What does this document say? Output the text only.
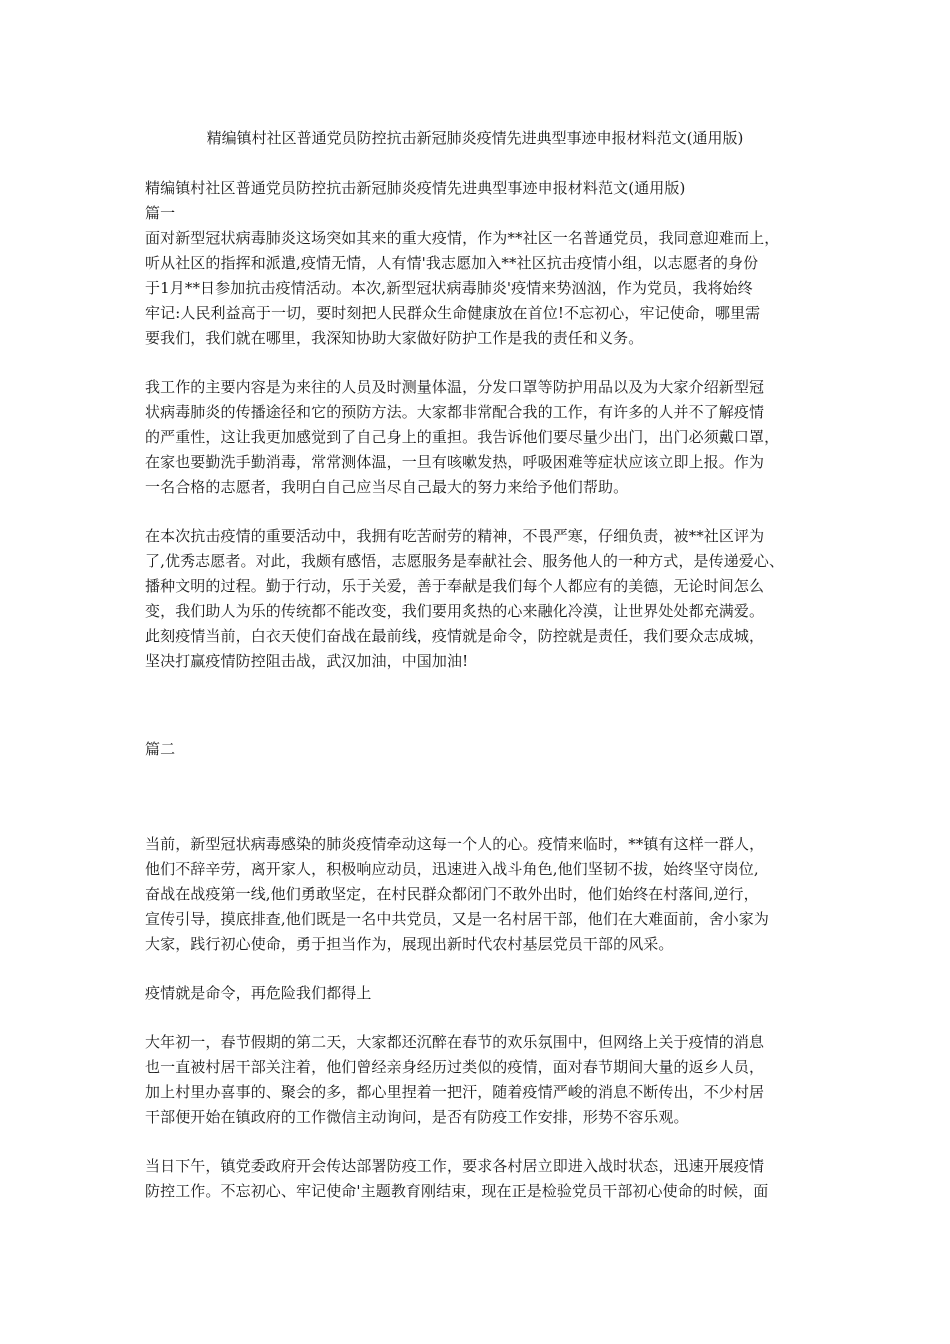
精编镇村社区普通党员防控抗击新冠肺炎疫情先进典型事迹申报材料范文(通用版)
精编镇村社区普通党员防控抗击新冠肺炎疫情先进典型事迹申报材料范文(通用版)
篇一
面对新型冠状病毒肺炎这场突如其来的重大疫情，作为**社区一名普通党员，我同意迎难而上，
听从社区的指挥和派遣,疫情无情，人有情'我志愿加入**社区抗击疫情小组，以志愿者的身份
于1月**日参加抗击疫情活动。本次,新型冠状病毒肺炎'疫情来势汹汹，作为党员，我将始终
牢记:人民利益高于一切，要时刻把人民群众生命健康放在首位!不忘初心，牢记使命，哪里需
要我们，我们就在哪里，我深知协助大家做好防护工作是我的责任和义务。
我工作的主要内容是为来往的人员及时测量体温，分发口罩等防护用品以及为大家介绍新型冠
状病毒肺炎的传播途径和它的预防方法。大家都非常配合我的工作，有许多的人并不了解疫情
的严重性，这让我更加感觉到了自己身上的重担。我告诉他们要尽量少出门，出门必须戴口罩，
在家也要勤洗手勤消毒，常常测体温，一旦有咳嗽发热，呼吸困难等症状应该立即上报。作为
一名合格的志愿者，我明白自己应当尽自己最大的努力来给予他们帮助。
在本次抗击疫情的重要活动中，我拥有吃苦耐劳的精神，不畏严寒，仔细负责，被**社区评为
了,优秀志愿者。对此，我颇有感悟，志愿服务是奉献社会、服务他人的一种方式，是传递爱心、
播种文明的过程。勤于行动，乐于关爱，善于奉献是我们每个人都应有的美德，无论时间怎么
变，我们助人为乐的传统都不能改变，我们要用炙热的心来融化冷漠，让世界处处都充满爱。
此刻疫情当前，白衣天使们奋战在最前线，疫情就是命令，防控就是责任，我们要众志成城，
坚决打赢疫情防控阻击战，武汉加油，中国加油!
篇二
当前，新型冠状病毒感染的肺炎疫情牵动这每一个人的心。疫情来临时，**镇有这样一群人，
他们不辞辛劳，离开家人，积极响应动员，迅速进入战斗角色,他们坚韧不拔，始终坚守岗位,
奋战在战疫第一线,他们勇敢坚定，在村民群众都闭门不敢外出时，他们始终在村落间,逆行，
宣传引导，摸底排查,他们既是一名中共党员，又是一名村居干部，他们在大难面前，舍小家为
大家，践行初心使命，勇于担当作为，展现出新时代农村基层党员干部的风采。
疫情就是命令，再危险我们都得上
大年初一，春节假期的第二天，大家都还沉醉在春节的欢乐氛围中，但网络上关于疫情的消息
也一直被村居干部关注着，他们曾经亲身经历过类似的疫情，面对春节期间大量的返乡人员，
加上村里办喜事的、聚会的多，都心里捏着一把汗，随着疫情严峻的消息不断传出，不少村居
干部便开始在镇政府的工作微信主动询问，是否有防疫工作安排，形势不容乐观。
当日下午，镇党委政府开会传达部署防疫工作，要求各村居立即进入战时状态，迅速开展疫情
防控工作。不忘初心、牢记使命'主题教育刚结束，现在正是检验党员干部初心使命的时候，面
